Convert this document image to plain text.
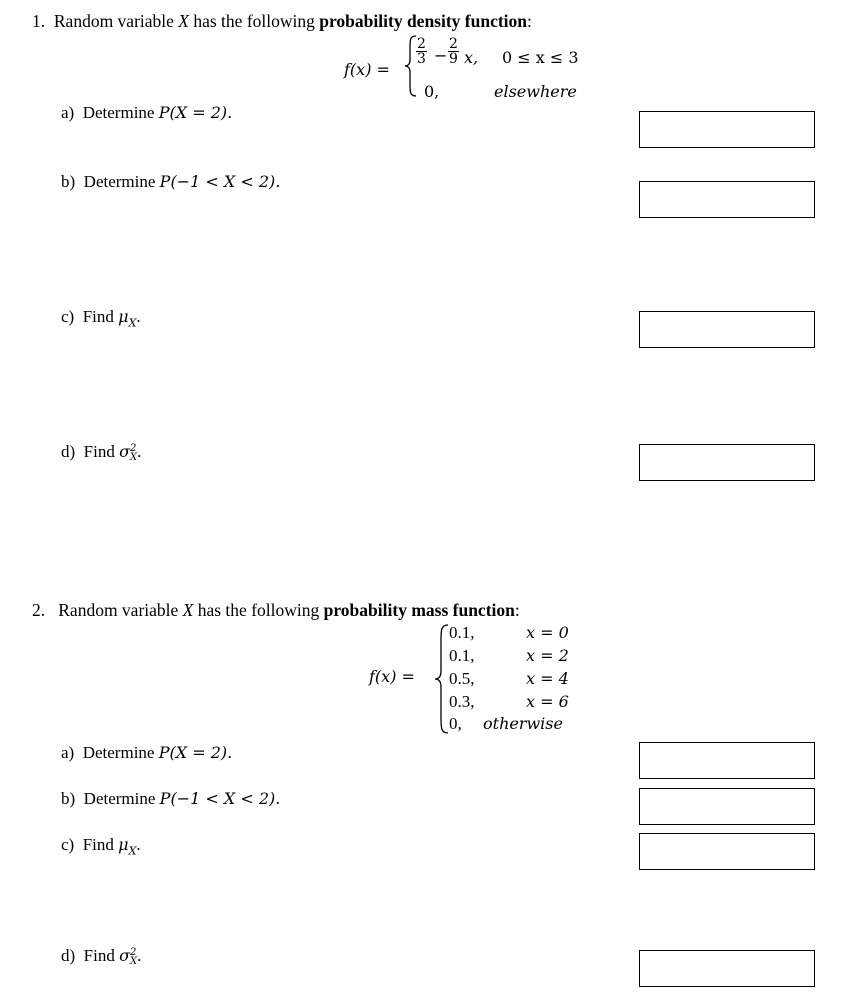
1. Random variable X has the following probability density function:
f(x) =
$\frac{2}{3} - \frac{2}{9} x$, 0 ≤ x ≤ 3
0,	elsewhere
a) Determine P(X = 2).
b) Determine P(−1 < X < 2).
c) Find $\mu_X$.
d) Find σ 2
X .
2. Random variable X has the following probability mass function:
f(x) =
0.1,	x = 0
0.1,	x = 2
0.5,	x = 4
0.3,	x = 6
0, otherwise
a) Determine P(X = 2).
b) Determine P(−1 < X < 2).
c) Find $\mu_X$.
d) Find σ 2
X .
